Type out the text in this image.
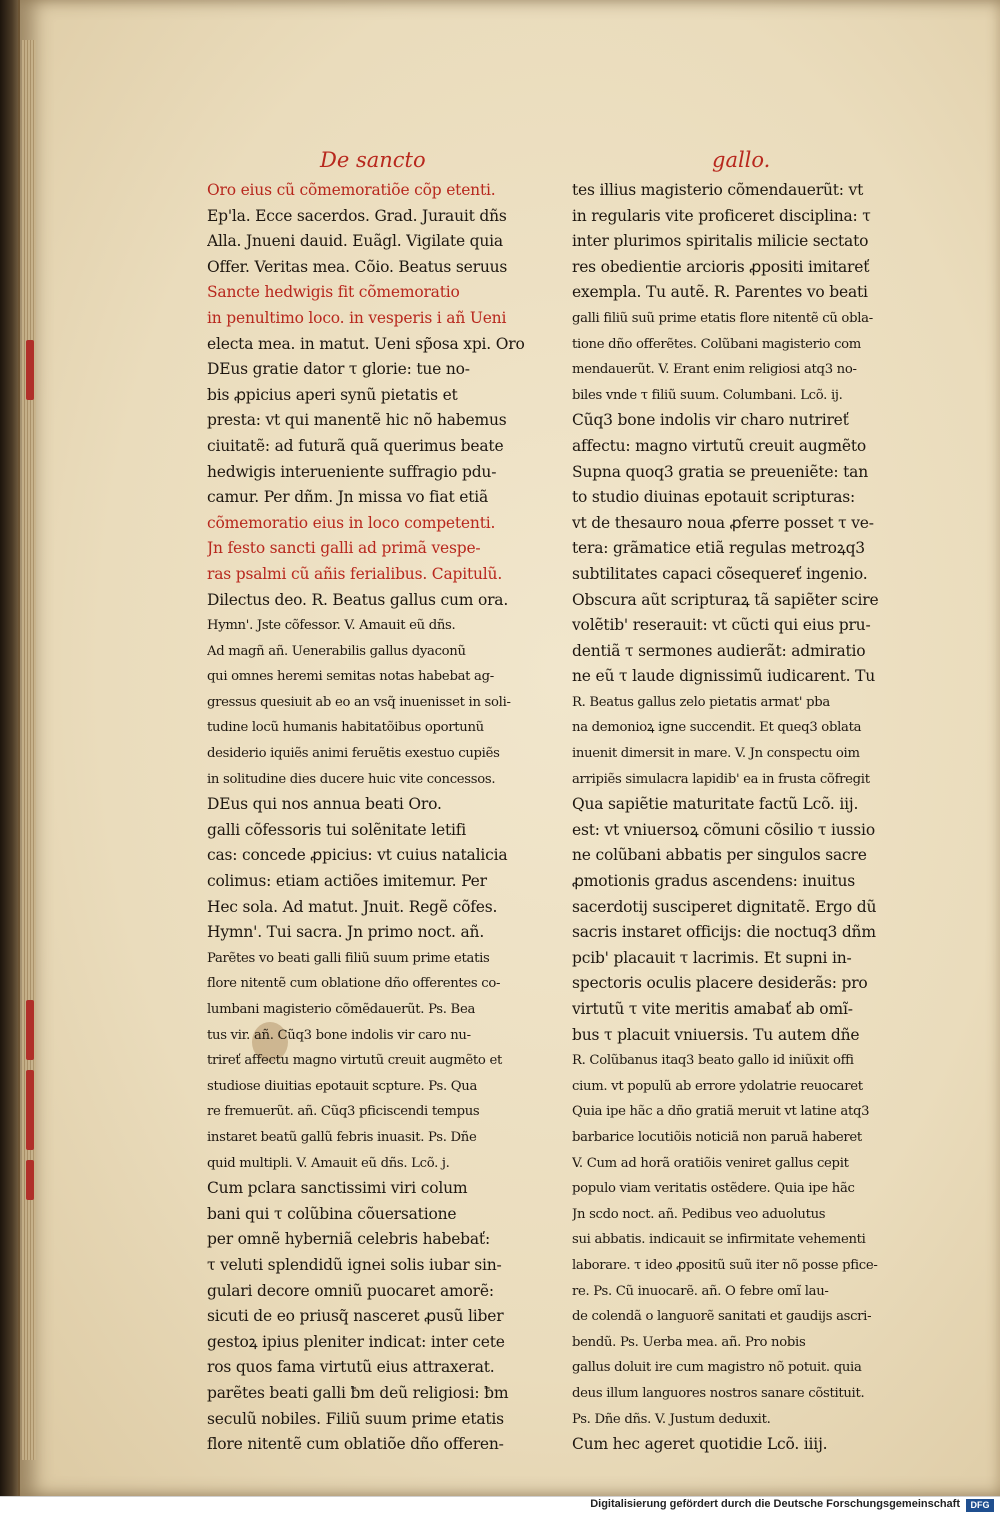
De sancto	gallo.
Oro eius cũ cõmemoratiõe cõp etenti.
Ep'la. Ecce sacerdos. Grad. Jurauit dñs
Alla. Jnueni dauid. Euãgl. Vigilate quia
Offer. Veritas mea. Cõio. Beatus seruus
Sancte hedwigis fit cõmemoratio
in penultimo loco. in vesperis i añ Ueni
electa mea. in matut. Ueni sp̃osa xpi. Oro
DEus gratie dator τ glorie: tue no-
bis ꝓpicius aperi synũ pietatis et
presta: vt qui manentẽ hic nõ habemus
ciuitatẽ: ad futurã quã querimus beate
hedwigis interueniente suffragio pdu-
camur. Per dñm. Jn missa vo fiat etiã
cõmemoratio eius in loco competenti.
Jn festo sancti galli ad primã vespe-
ras psalmi cũ añis ferialibus. Capitulũ.
Dilectus deo. R. Beatus gallus cum ora.
Hymn'. Jste cõfessor. V. Amauit eũ dñs.
Ad magñ añ. Uenerabilis gallus dyaconũ
qui omnes heremi semitas notas habebat ag-
gressus quesiuit ab eo an vsq̃ inuenisset in soli-
tudine locũ humanis habitatõibus oportunũ
desiderio iquiẽs animi feruẽtis exestuo cupiẽs
in solitudine dies ducere huic vite concessos.
DEus qui nos annua beati Oro.
galli cõfessoris tui solẽnitate letifi
cas: concede ꝓpicius: vt cuius natalicia
colimus: etiam actiões imitemur. Per
Hec sola. Ad matut. Jnuit. Regẽ cõfes.
Hymn'. Tui sacra. Jn primo noct. añ.
Parẽtes vo beati galli filiũ suum prime etatis
flore nitentẽ cum oblatione dño offerentes co-
lumbani magisterio cõmẽdauerũt. Ps. Bea
tus vir. añ. Cũq3 bone indolis vir caro nu-
trireť affectu magno virtutũ creuit augmẽto et
studiose diuitias epotauit scpture. Ps. Qua
re fremuerũt. añ. Cũq3 pficiscendi tempus
instaret beatũ gallũ febris inuasit. Ps. Dñe
quid multipli. V. Amauit eũ dñs. Lcõ. j.
Cum pclara sanctissimi viri colum
bani qui τ colũbina cõuersatione
per omnẽ hyberniã celebris habebať:
τ veluti splendidũ ignei solis iubar sin-
gulari decore omniũ puocaret amorẽ:
sicuti de eo priusq̃ nasceret ꝓusũ liber
gestoꝝ ipius pleniter indicat: inter cete
ros quos fama virtutũ eius attraxerat.
parẽtes beati galli ƀm deũ religiosi: ƀm
seculũ nobiles. Filiũ suum prime etatis
flore nitentẽ cum oblatiõe dño offeren-
tes illius magisterio cõmendauerũt: vt
in regularis vite proficeret disciplina: τ
inter plurimos spiritalis milicie sectato
res obedientie arcioris ꝓpositi imitareť
exempla. Tu autẽ. R. Parentes vo beati
galli filiũ suũ prime etatis flore nitentẽ cũ obla-
tione dño offerẽtes. Colũbani magisterio com
mendauerũt. V. Erant enim religiosi atq3 no-
biles vnde τ filiũ suum. Columbani. Lcõ. ij.
Cũq3 bone indolis vir charo nutrireť
affectu: magno virtutũ creuit augmẽto
Supna quoq3 gratia se preueniẽte: tan
to studio diuinas epotauit scripturas:
vt de thesauro noua ꝓferre posset τ ve-
tera: grãmatice etiã regulas metroꝝq3
subtilitates capaci cõsequereť ingenio.
Obscura aũt scripturaꝝ tã sapiẽter scire
volẽtib' reserauit: vt cũcti qui eius pru-
dentiã τ sermones audierãt: admiratio
ne eũ τ laude dignissimũ iudicarent. Tu
R. Beatus gallus zelo pietatis armat' pba
na demonioꝝ igne succendit. Et queq3 oblata
inuenit dimersit in mare. V. Jn conspectu oim
arripiẽs simulacra lapidib' ea in frusta cõfregit
Qua sapiẽtie maturitate factũ Lcõ. iij.
est: vt vniuersoꝝ cõmuni cõsilio τ iussio
ne colũbani abbatis per singulos sacre
ꝓmotionis gradus ascendens: inuitus
sacerdotij susciperet dignitatẽ. Ergo dũ
sacris instaret officijs: die noctuq3 dñm
pcib' placauit τ lacrimis. Et supni in-
spectoris oculis placere desiderãs: pro
virtutũ τ vite meritis amabať ab omĩ-
bus τ placuit vniuersis. Tu autem dñe
R. Colũbanus itaq3 beato gallo id iniũxit offi
cium. vt populũ ab errore ydolatrie reuocaret
Quia ipe hãc a dño gratiã meruit vt latine atq3
barbarice locutiõis noticiã non paruã haberet
V. Cum ad horã oratiõis veniret gallus cepit
populo viam veritatis ostẽdere. Quia ipe hãc
Jn scdo noct. añ. Pedibus veo aduolutus
sui abbatis. indicauit se infirmitate vehementi
laborare. τ ideo ꝓpositũ suũ iter nõ posse pfice-
re. Ps. Cũ inuocarẽ. añ. O febre omĩ lau-
de colendã o languorẽ sanitati et gaudijs ascri-
bendũ. Ps. Uerba mea. añ. Pro nobis
gallus doluit ire cum magistro nõ potuit. quia
deus illum languores nostros sanare cõstituit.
Ps. Dñe dñs. V. Justum deduxit.
Cum hec ageret quotidie Lcõ. iiij.
Digitalisierung gefördert durch die Deutsche Forschungsgemeinschaft	DFG
